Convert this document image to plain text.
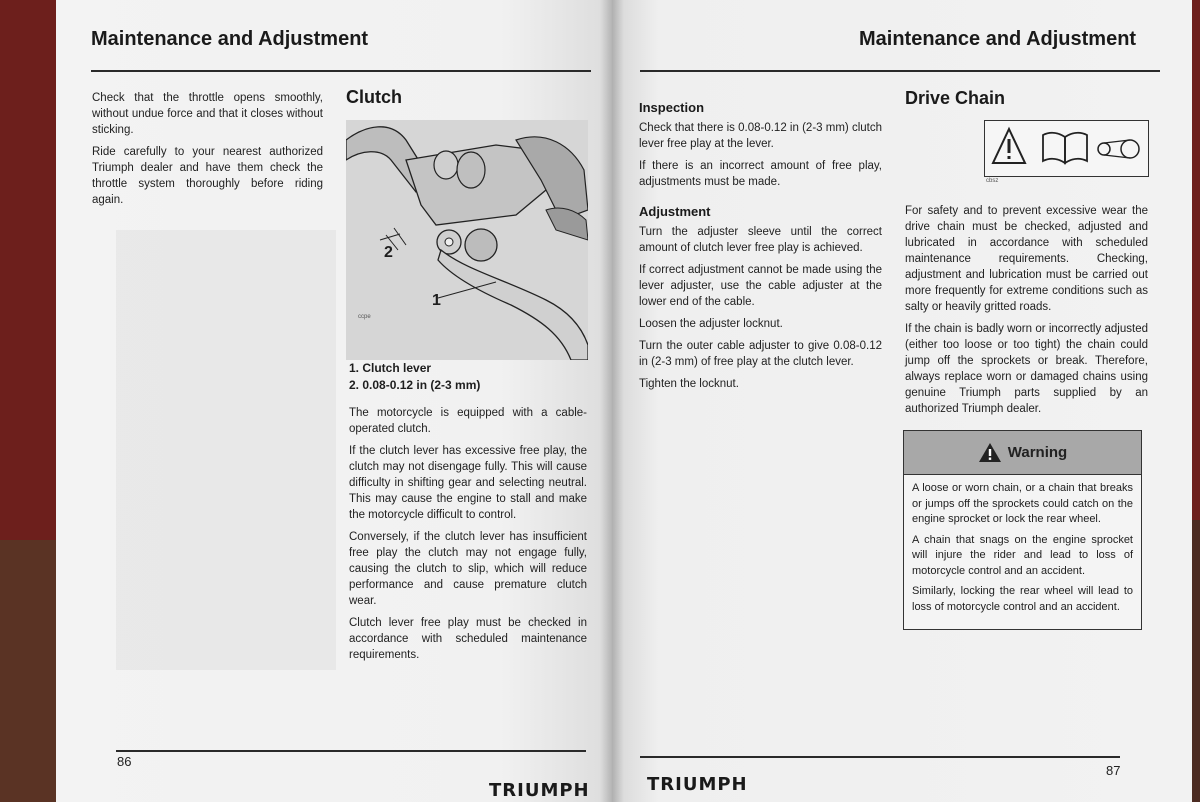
Maintenance and Adjustment

Check that the throttle opens smoothly, without undue force and that it closes without sticking.

Ride carefully to your nearest authorized Triumph dealer and have them check the throttle system thoroughly before riding again.

Clutch
2
1
ccpe
1. Clutch lever
2. 0.08-0.12 in (2-3 mm)

The motorcycle is equipped with a cable-operated clutch.

If the clutch lever has excessive free play, the clutch may not disengage fully. This will cause difficulty in shifting gear and selecting neutral. This may cause the engine to stall and make the motorcycle difficult to control.

Conversely, if the clutch lever has insufficient free play the clutch may not engage fully, causing the clutch to slip, which will reduce performance and cause premature clutch wear.

Clutch lever free play must be checked in accordance with scheduled maintenance requirements.

86
TRIUMPH
Maintenance and Adjustment
Inspection

Check that there is 0.08-0.12 in (2-3 mm) clutch lever free play at the lever.

If there is an incorrect amount of free play, adjustments must be made.

Adjustment

Turn the adjuster sleeve until the correct amount of clutch lever free play is achieved.

If correct adjustment cannot be made using the lever adjuster, use the cable adjuster at the lower end of the cable.

Loosen the adjuster locknut.

Turn the outer cable adjuster to give 0.08-0.12 in (2-3 mm) of free play at the clutch lever.

Tighten the locknut.

Drive Chain
cbsz

For safety and to prevent excessive wear the drive chain must be checked, adjusted and lubricated in accordance with scheduled maintenance requirements. Checking, adjustment and lubrication must be carried out more frequently for extreme conditions such as salty or heavily gritted roads.

If the chain is badly worn or incorrectly adjusted (either too loose or too tight) the chain could jump off the sprockets or break. Therefore, always replace worn or damaged chains using genuine Triumph parts supplied by an authorized Triumph dealer.

Warning

A loose or worn chain, or a chain that breaks or jumps off the sprockets could catch on the engine sprocket or lock the rear wheel.

A chain that snags on the engine sprocket will injure the rider and lead to loss of motorcycle control and an accident.

Similarly, locking the rear wheel will lead to loss of motorcycle control and an accident.

87
TRIUMPH
